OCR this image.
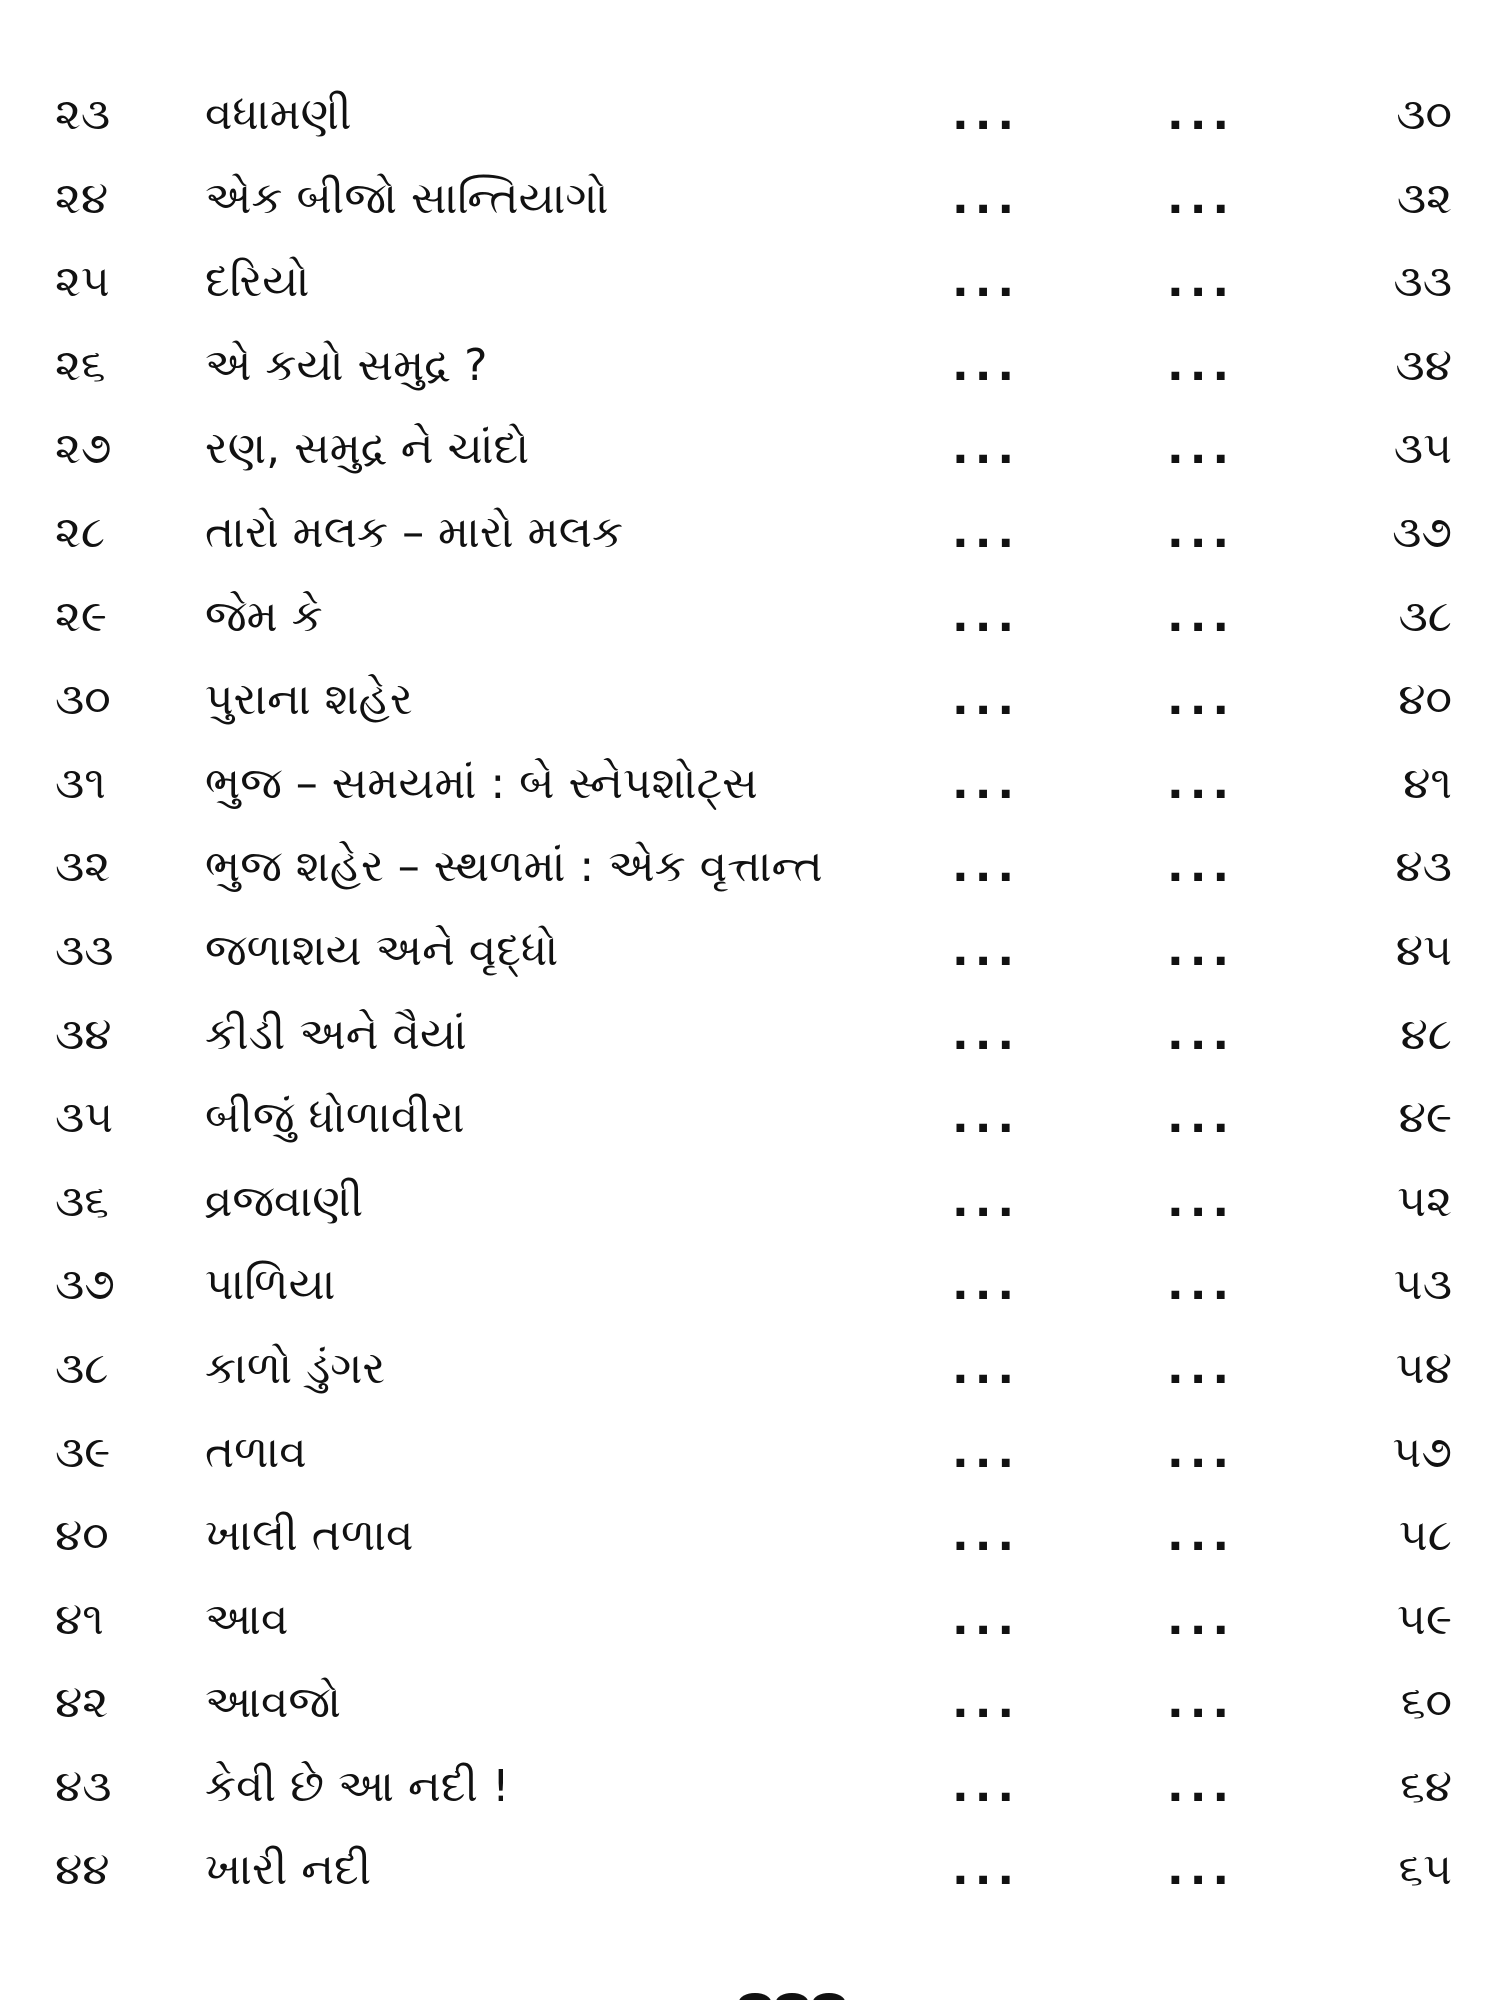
૨૩	વધામણી	...	...	૩૦
૨૪	એક બીજો સાન્તિયાગો	...	...	૩૨
૨૫	દરિયો	...	...	૩૩
૨૬	એ કયો સમુદ્ર ?	...	...	૩૪
૨૭	રણ, સમુદ્ર ને ચાંદો	...	...	૩૫
૨૮	તારો મલક – મારો મલક	...	...	૩૭
૨૯	જેમ કે	...	...	૩૮
૩૦	પુરાના શહેર	...	...	૪૦
૩૧	ભુજ – સમયમાં : બે સ્નેપશોટ્સ	...	...	૪૧
૩૨	ભુજ શહેર – સ્થળમાં : એક વૃત્તાન્ત	...	...	૪૩
૩૩	જળાશય અને વૃદ્ધો	...	...	૪૫
૩૪	કીડી અને વૈયાં	...	...	૪૮
૩૫	બીજું ધોળાવીરા	...	...	૪૯
૩૬	વ્રજવાણી	...	...	૫૨
૩૭	પાળિયા	...	...	૫૩
૩૮	કાળો ડુંગર	...	...	૫૪
૩૯	તળાવ	...	...	૫૭
૪૦	ખાલી તળાવ	...	...	૫૮
૪૧	આવ	...	...	૫૯
૪૨	આવજો	...	...	૬૦
૪૩	કેવી છે આ નદી !	...	...	૬૪
૪૪	ખારી નદી	...	...	૬૫
